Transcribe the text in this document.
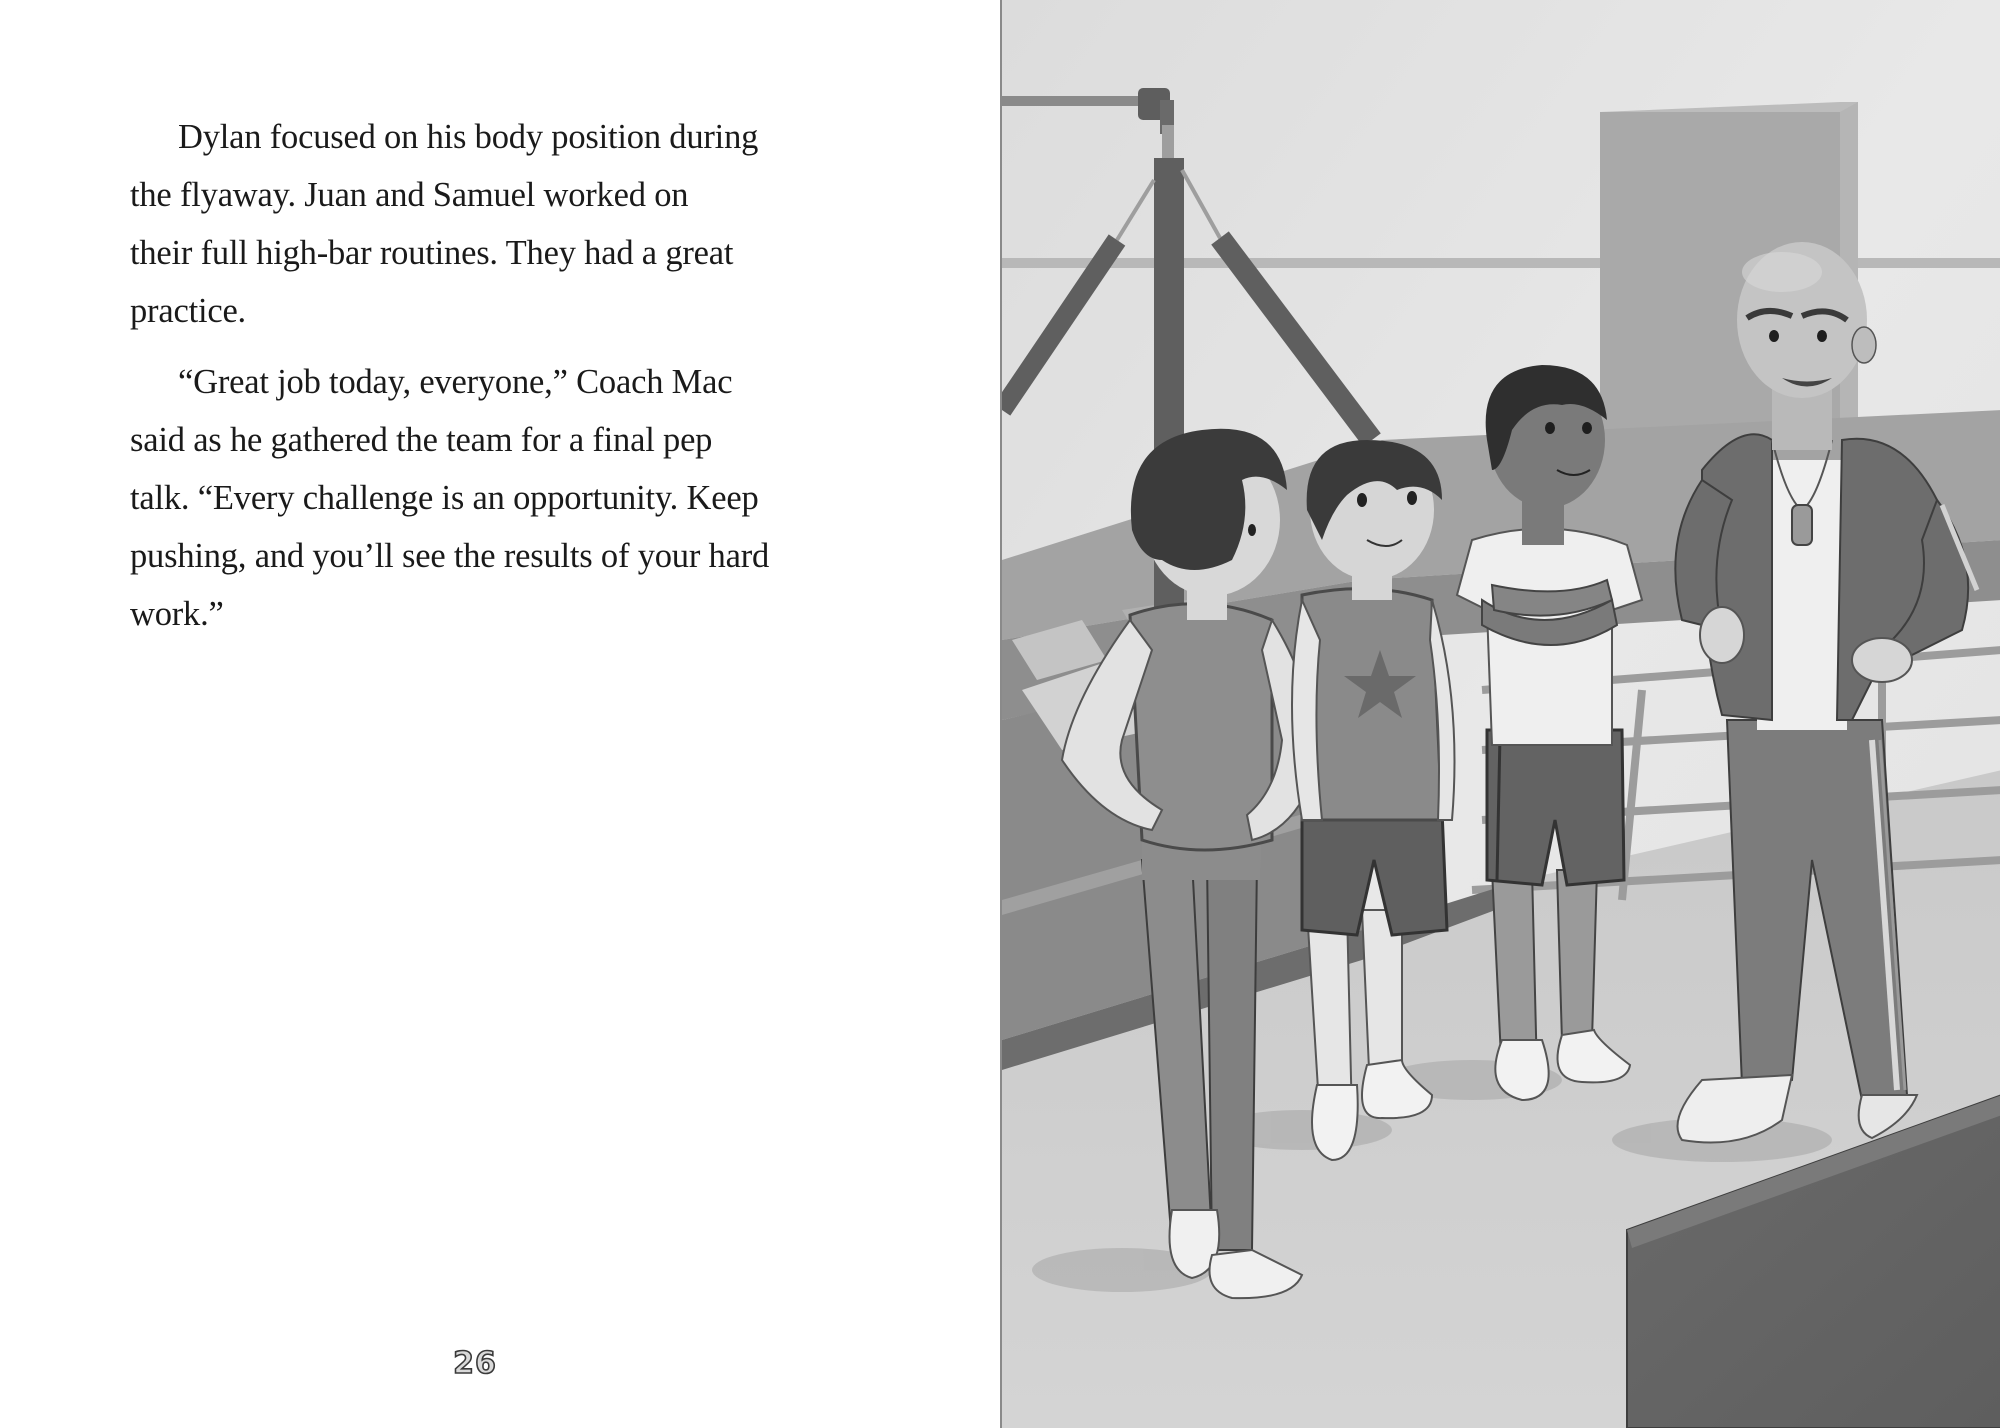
Dylan focused on his body position during
the flyaway. Juan and Samuel worked on
their full high-bar routines. They had a great
practice.
“Great job today, everyone,” Coach Mac
said as he gathered the team for a final pep
talk. “Every challenge is an opportunity. Keep
pushing, and you’ll see the results of your hard
work.”
26
